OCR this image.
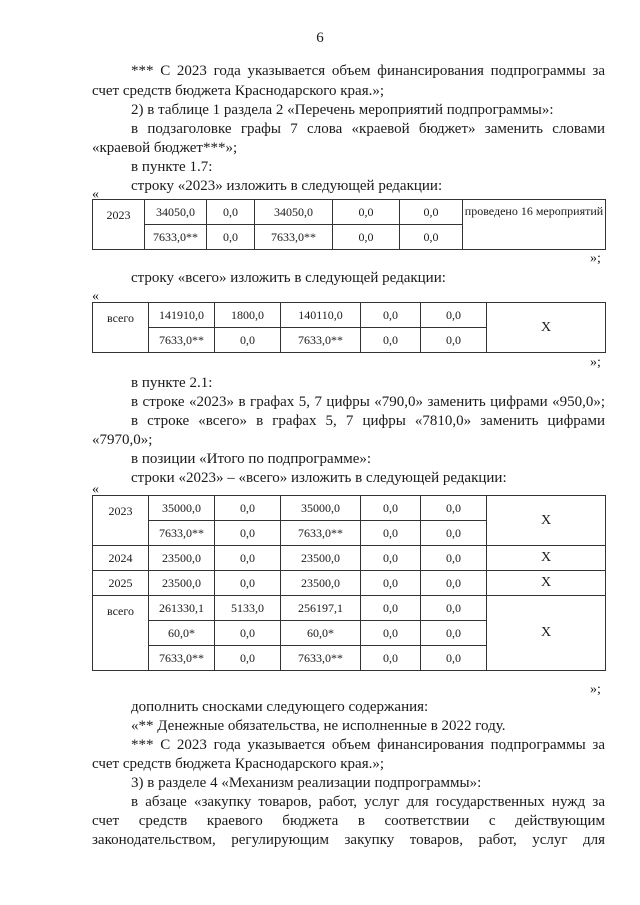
6
*** С 2023 года указывается объем финансирования подпрограммы за
счет средств бюджета Краснодарского края.»;
2) в таблице 1 раздела 2 «Перечень мероприятий подпрограммы»:
в подзаголовке графы 7 слова «краевой бюджет» заменить словами
«краевой бюджет***»;
в пункте 1.7:
строку «2023» изложить в следующей редакции:
«
2023	34050,0	0,0	34050,0	0,0	0,0	проведено 16 мероприятий
	7633,0**	0,0	7633,0**	0,0	0,0	
»;
строку «всего» изложить в следующей редакции:
«
всего	141910,0	1800,0	140110,0	0,0	0,0	X
	7633,0**	0,0	7633,0**	0,0	0,0	
»;
в пункте 2.1:
в строке «2023» в графах 5, 7 цифры «790,0» заменить цифрами «950,0»;
в строке «всего» в графах 5, 7 цифры «7810,0» заменить цифрами
«7970,0»;
в позиции «Итого по подпрограмме»:
строки «2023» – «всего» изложить в следующей редакции:
«
2023	35000,0	0,0	35000,0	0,0	0,0	X
	7633,0**	0,0	7633,0**	0,0	0,0	
2024	23500,0	0,0	23500,0	0,0	0,0	X
2025	23500,0	0,0	23500,0	0,0	0,0	X
всего	261330,1	5133,0	256197,1	0,0	0,0	X
	60,0*	0,0	60,0*	0,0	0,0	
	7633,0**	0,0	7633,0**	0,0	0,0	
»;
дополнить сносками следующего содержания:
«** Денежные обязательства, не исполненные в 2022 году.
*** С 2023 года указывается объем финансирования подпрограммы за
счет средств бюджета Краснодарского края.»;
3) в разделе 4 «Механизм реализации подпрограммы»:
в абзаце «закупку товаров, работ, услуг для государственных нужд за
счет средств краевого бюджета в соответствии с действующим
законодательством, регулирующим закупку товаров, работ, услуг для
